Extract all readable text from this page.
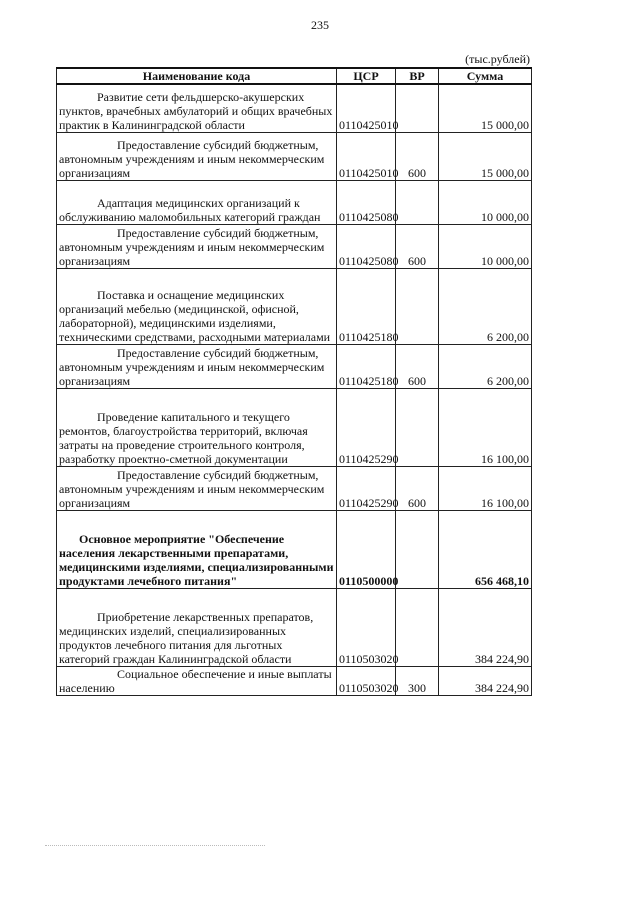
235
(тыс.рублей)
Наименование кода	ЦСР	ВР	Сумма
Развитие сети фельдшерско-акушерских пунктов, врачебных амбулаторий и общих врачебных практик в Калининградской области	0110425010		15 000,00
Предоставление субсидий бюджетным, автономным учреждениям и иным некоммерческим организациям	0110425010	600	15 000,00
Адаптация медицинских организаций к обслуживанию маломобильных категорий граждан	0110425080		10 000,00
Предоставление субсидий бюджетным, автономным учреждениям и иным некоммерческим организациям	0110425080	600	10 000,00
Поставка и оснащение медицинских организаций мебелью (медицинской, офисной, лабораторной), медицинскими изделиями, техническими средствами, расходными материалами	0110425180		6 200,00
Предоставление субсидий бюджетным, автономным учреждениям и иным некоммерческим организациям	0110425180	600	6 200,00
Проведение капитального и текущего ремонтов, благоустройства территорий, включая затраты на проведение строительного контроля, разработку проектно-сметной документации	0110425290		16 100,00
Предоставление субсидий бюджетным, автономным учреждениям и иным некоммерческим организациям	0110425290	600	16 100,00
Основное мероприятие "Обеспечение населения лекарственными препаратами, медицинскими изделиями, специализированными продуктами лечебного питания"	0110500000		656 468,10
Приобретение лекарственных препаратов, медицинских изделий, специализированных продуктов лечебного питания для льготных категорий граждан Калининградской области	0110503020		384 224,90
Социальное обеспечение и иные выплаты населению	0110503020	300	384 224,90
